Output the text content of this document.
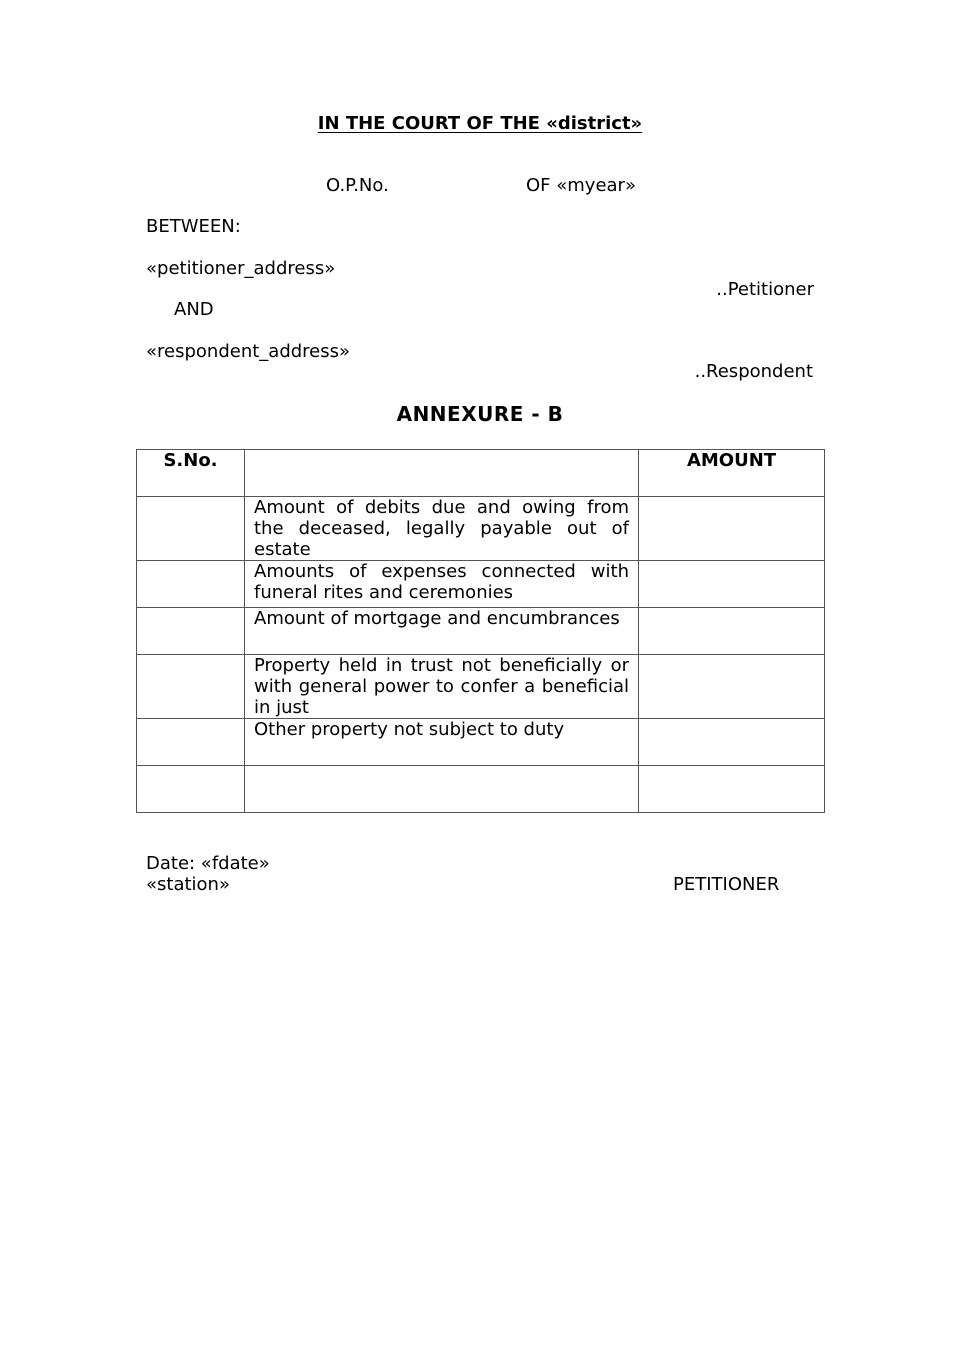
IN THE COURT OF THE «district»
O.P.No.	OF «myear»
BETWEEN:
«petitioner_address»
..Petitioner
AND
«respondent_address»
..Respondent
ANNEXURE - B
S.No.		AMOUNT
	Amount of debits due and owing from the deceased, legally payable out of estate	
	Amounts of expenses connected with funeral rites and ceremonies	
	Amount of mortgage and encumbrances	
	Property held in trust not beneficially or with general power to confer a beneficial in just	
	Other property not subject to duty	

Date: «fdate»
«station»	PETITIONER
